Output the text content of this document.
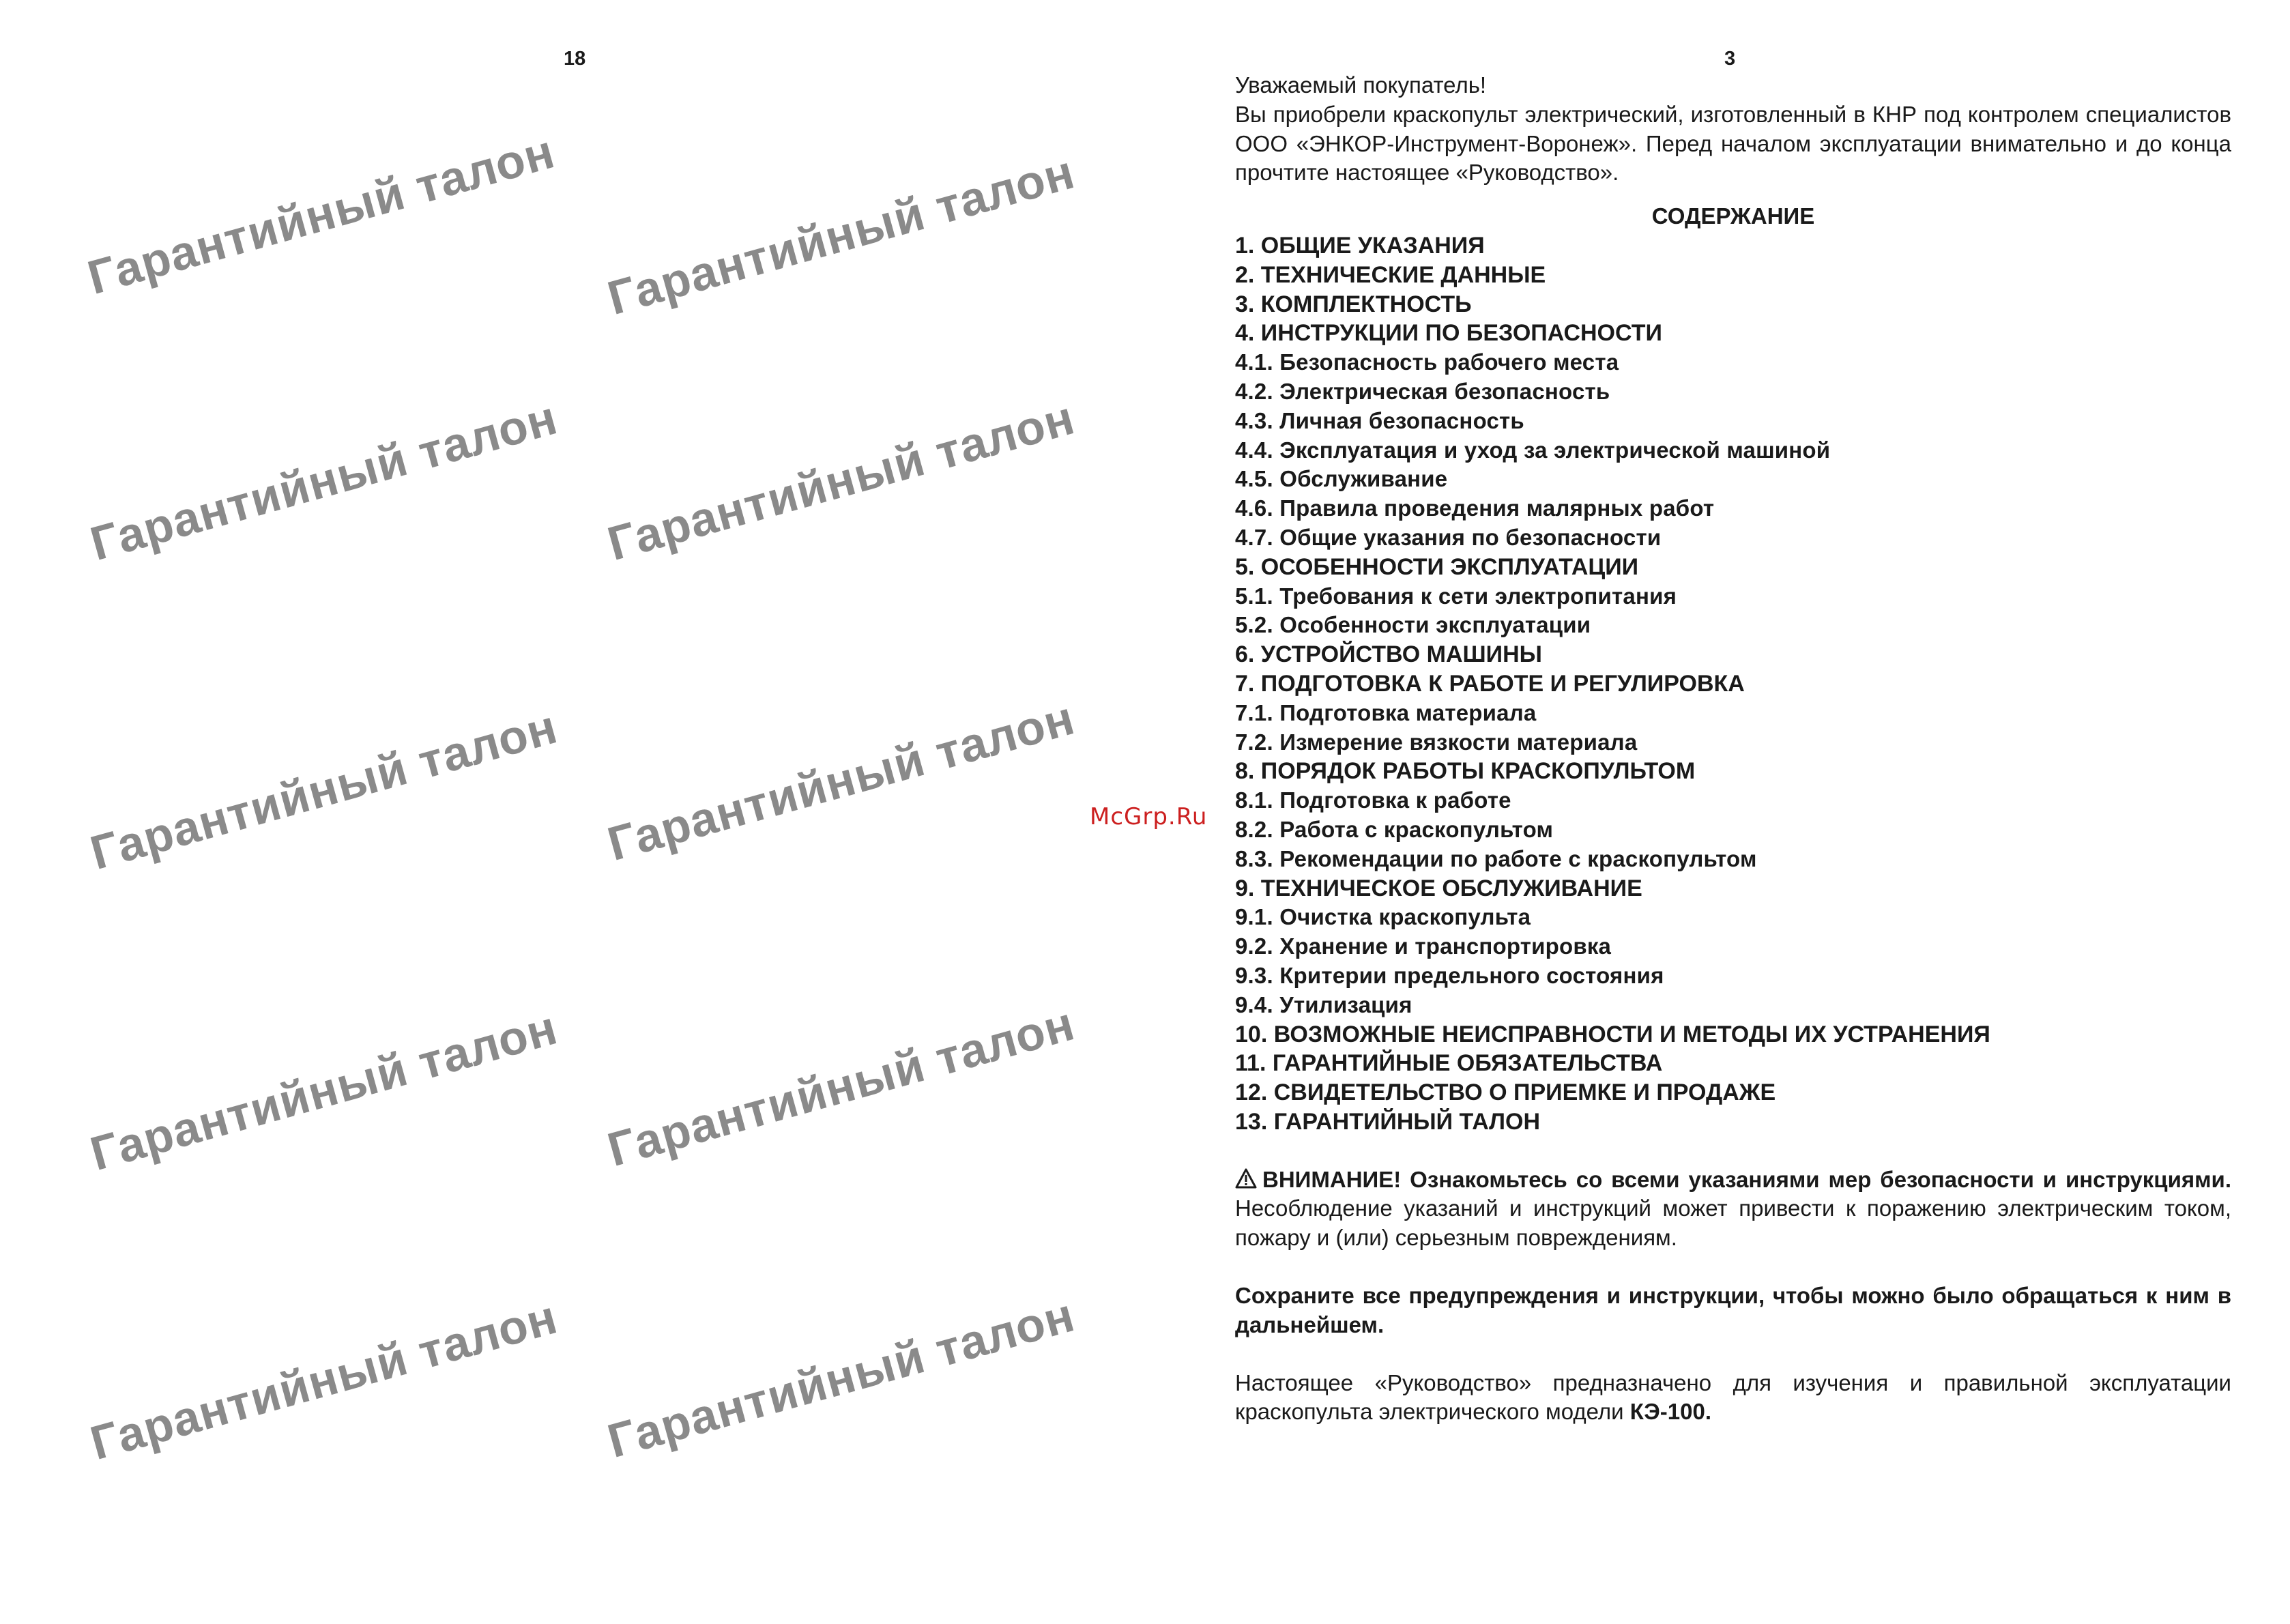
18
Гарантийный талон Гарантийный талон
Гарантийный талон Гарантийный талон
Гарантийный талон Гарантийный талон
Гарантийный талон Гарантийный талон
Гарантийный талон Гарантийный талон
3

Уважаемый покупатель!

Вы приобрели краскопульт электрический, изготовленный в КНР под контролем специалистов ООО «ЭНКОР-Инструмент-Воронеж». Перед началом эксплуатации внимательно и до конца прочтите настоящее «Руководство».

СОДЕРЖАНИЕ

1. ОБЩИЕ УКАЗАНИЯ
2. ТЕХНИЧЕСКИЕ ДАННЫЕ
3. КОМПЛЕКТНОСТЬ
4. ИНСТРУКЦИИ ПО БЕЗОПАСНОСТИ
4.1. Безопасность рабочего места
4.2. Электрическая безопасность
4.3. Личная безопасность
4.4. Эксплуатация и уход за электрической машиной
4.5. Обслуживание
4.6. Правила проведения малярных работ
4.7. Общие указания по безопасности
5. ОСОБЕННОСТИ ЭКСПЛУАТАЦИИ
5.1. Требования к сети электропитания
5.2. Особенности эксплуатации
6. УСТРОЙСТВО МАШИНЫ
7. ПОДГОТОВКА К РАБОТЕ И РЕГУЛИРОВКА
7.1. Подготовка материала
7.2. Измерение вязкости материала
8. ПОРЯДОК РАБОТЫ КРАСКОПУЛЬТОМ
8.1. Подготовка к работе
8.2. Работа с краскопультом
8.3. Рекомендации по работе с краскопультом
9. ТЕХНИЧЕСКОЕ ОБСЛУЖИВАНИЕ
9.1. Очистка краскопульта
9.2. Хранение и транспортировка
9.3. Критерии предельного состояния
9.4. Утилизация
10. ВОЗМОЖНЫЕ НЕИСПРАВНОСТИ И МЕТОДЫ ИХ УСТРАНЕНИЯ
11. ГАРАНТИЙНЫЕ ОБЯЗАТЕЛЬСТВА
12. СВИДЕТЕЛЬСТВО О ПРИЕМКЕ И ПРОДАЖЕ
13. ГАРАНТИЙНЫЙ ТАЛОН

ВНИМАНИЕ! Ознакомьтесь со всеми указаниями мер безопасности и инструкциями. Несоблюдение указаний и инструкций может привести к поражению электрическим током, пожару и (или) серьезным повреждениям.

Сохраните все предупреждения и инструкции, чтобы можно было обращаться к ним в дальнейшем.

Настоящее «Руководство» предназначено для изучения и правильной эксплуатации краскопульта электрического модели КЭ-100.

McGrp.Ru
